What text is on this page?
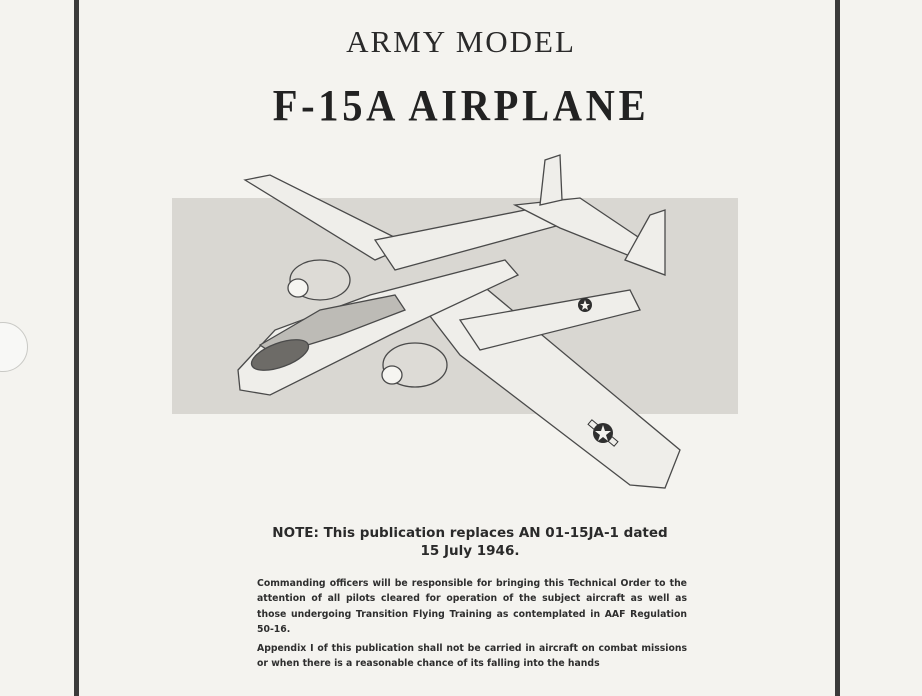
ARMY MODEL
F-15A AIRPLANE
NOTE: This publication replaces AN 01-15JA-1 dated
15 July 1946.
Commanding officers will be responsible for bringing this Technical Order to the attention of all pilots cleared for operation of the subject aircraft as well as those undergoing Transition Flying Training as contemplated in AAF Regulation 50-16.
Appendix I of this publication shall not be carried in aircraft on combat missions or when there is a reasonable chance of its falling into the hands
